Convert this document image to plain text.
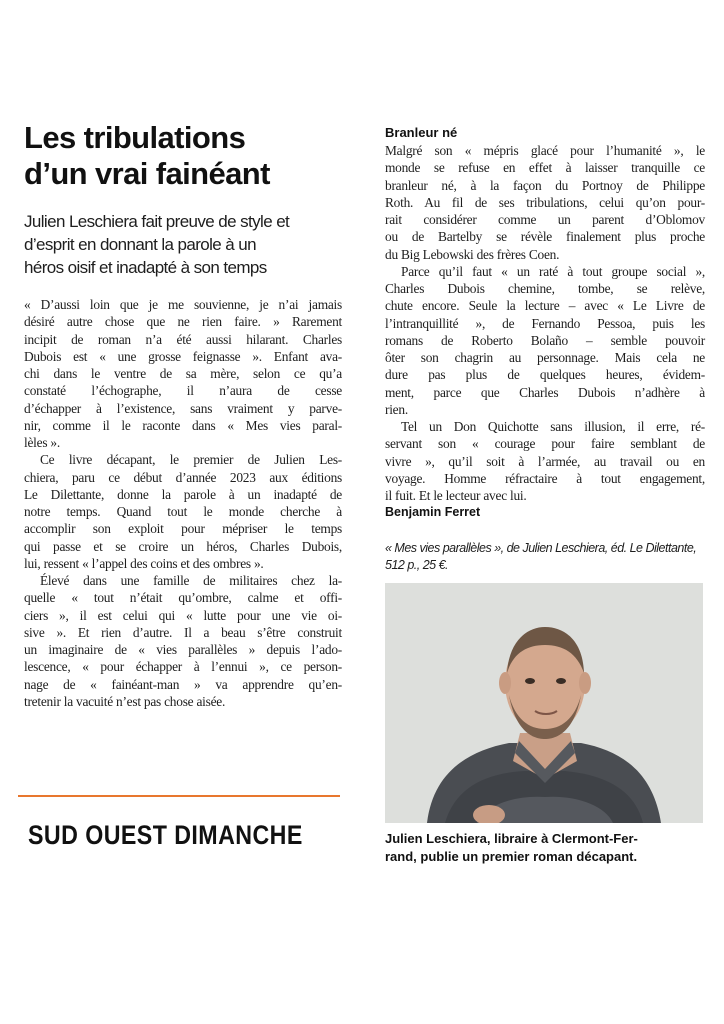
Les tribulations
d’un vrai fainéant
Julien Leschiera fait preuve de style et
d’esprit en donnant la parole à un
héros oisif et inadapté à son temps

« D’aussi loin que je me souvienne, je n’ai jamais
désiré autre chose que ne rien faire. » Rarement
incipit de roman n’a été aussi hilarant. Charles
Dubois est « une grosse feignasse ». Enfant ava-
chi dans le ventre de sa mère, selon ce qu’a
constaté l’échographe, il n’aura de cesse
d’échapper à l’existence, sans vraiment y parve-
nir, comme il le raconte dans « Mes vies paral-
lèles ».

Ce livre décapant, le premier de Julien Les-
chiera, paru ce début d’année 2023 aux éditions
Le Dilettante, donne la parole à un inadapté de
notre temps. Quand tout le monde cherche à
accomplir son exploit pour mépriser le temps
qui passe et se croire un héros, Charles Dubois,
lui, ressent « l’appel des coins et des ombres ».

Élevé dans une famille de militaires chez la-
quelle « tout n’était qu’ombre, calme et offi-
ciers », il est celui qui « lutte pour une vie oi-
sive ». Et rien d’autre. Il a beau s’être construit
un imaginaire de « vies parallèles » depuis l’ado-
lescence, « pour échapper à l’ennui », ce person-
nage de « fainéant-man » va apprendre qu’en-
tretenir la vacuité n’est pas chose aisée.

Branleur né

Malgré son « mépris glacé pour l’humanité », le
monde se refuse en effet à laisser tranquille ce
branleur né, à la façon du Portnoy de Philippe
Roth. Au fil de ses tribulations, celui qu’on pour-
rait considérer comme un parent d’Oblomov
ou de Bartelby se révèle finalement plus proche
du Big Lebowski des frères Coen.

Parce qu’il faut « un raté à tout groupe social »,
Charles Dubois chemine, tombe, se relève,
chute encore. Seule la lecture – avec « Le Livre de
l’intranquillité », de Fernando Pessoa, puis les
romans de Roberto Bolaño – semble pouvoir
ôter son chagrin au personnage. Mais cela ne
dure pas plus de quelques heures, évidem-
ment, parce que Charles Dubois n’adhère à
rien.

Tel un Don Quichotte sans illusion, il erre, ré-
servant son « courage pour faire semblant de
vivre », qu’il soit à l’armée, au travail ou en
voyage. Homme réfractaire à tout engagement,
il fuit. Et le lecteur avec lui.

Benjamin Ferret

« Mes vies parallèles », de Julien Leschiera, éd. Le Dilettante,
512 p., 25 €.
Julien Leschiera, libraire à Clermont-Fer-
rand, publie un premier roman décapant.
SUD OUEST DIMANCHE
